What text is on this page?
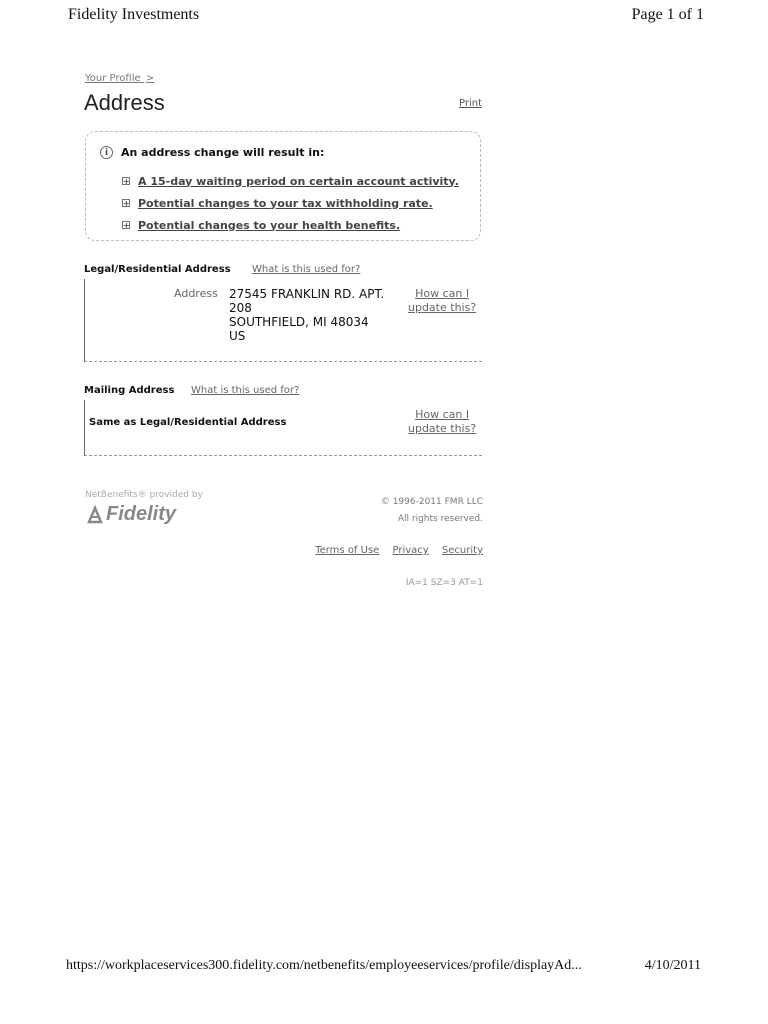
Fidelity Investments	Page 1 of 1
Your Profile >
Address	Print
i	An address change will result in:
+ A 15-day waiting period on certain account activity.
+ Potential changes to your tax withholding rate.
+ Potential changes to your health benefits.
Legal/Residential Address What is this used for?
Address 27545 FRANKLIN RD. APT.
208
SOUTHFIELD, MI 48034
US
How can I
update this?
Mailing Address What is this used for?
Same as Legal/Residential Address
How can I
update this?
NetBenefits® provided by
Fidelity
© 1996-2011 FMR LLC
All rights reserved.
Terms of Use Privacy Security
IA=1 SZ=3 AT=1
https://workplaceservices300.fidelity.com/netbenefits/employeeservices/profile/displayAd...	4/10/2011
